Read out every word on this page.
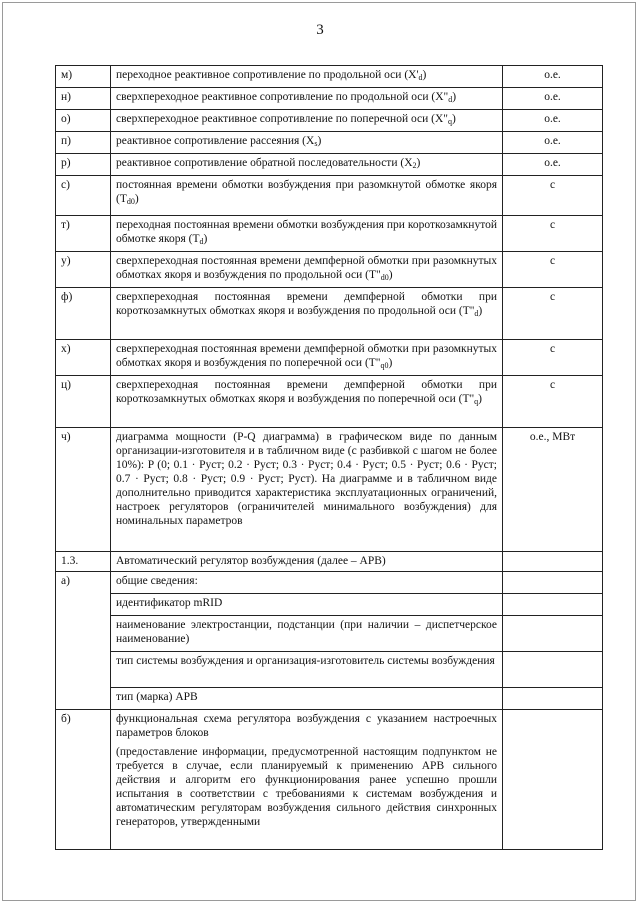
3
м)	переходное реактивное сопротивление по продольной оси $(X'_d)$	о.е.
н)	сверхпереходное реактивное сопротивление по продольной оси $(X"_d)$	о.е.
о)	сверхпереходное реактивное сопротивление по поперечной оси $(X"_q)$	о.е.
п)	реактивное сопротивление рассеяния $(X_s)$	о.е.
р)	реактивное сопротивление обратной последовательности $(X_2)$	о.е.
с)	постоянная времени обмотки возбуждения при разомкнутой обмотке якоря $(T_{d0})$	с
т)	переходная постоянная времени обмотки возбуждения при короткозамкнутой обмотке якоря $(T_d)$	с
у)	сверхпереходная постоянная времени демпферной обмотки при разомкнутых обмотках якоря и возбуждения по продольной оси $(T"_{d0})$	с
ф)	сверхпереходная постоянная времени демпферной обмотки при короткозамкнутых обмотках якоря и возбуждения по продольной оси $(T"_d)$	с
х)	сверхпереходная постоянная времени демпферной обмотки при разомкнутых обмотках якоря и возбуждения по поперечной оси $(T"_{q0})$	с
ц)	сверхпереходная постоянная времени демпферной обмотки при короткозамкнутых обмотках якоря и возбуждения по поперечной оси $(T"_q)$	с
ч)	диаграмма мощности (P-Q диаграмма) в графическом виде по данным организации-изготовителя и в табличном виде (с разбивкой с шагом не более 10%): P (0; 0.1 · Pуст; 0.2 · Pуст; 0.3 · Pуст; 0.4 · Pуст; 0.5 · Pуст; 0.6 · Pуст; 0.7 · Pуст; 0.8 · Pуст; 0.9 · Pуст; Pуст). На диаграмме и в табличном виде дополнительно приводится характеристика эксплуатационных ограничений, настроек регуляторов (ограничителей минимального возбуждения) для номинальных параметров	о.е., МВт
1.3.	Автоматический регулятор возбуждения (далее – АРВ)	
а)	общие сведения:	
	идентификатор mRID	
	наименование электростанции, подстанции (при наличии – диспетчерское наименование)	
	тип системы возбуждения и организация-изготовитель системы возбуждения	
	тип (марка) АРВ	
б)	функциональная схема регулятора возбуждения с указанием настроечных параметров блоков
(предоставление информации, предусмотренной настоящим подпунктом не требуется в случае, если планируемый к применению АРВ сильного действия и алгоритм его функционирования ранее успешно прошли испытания в соответствии с требованиями к системам возбуждения и автоматическим регуляторам возбуждения сильного действия синхронных генераторов, утвержденными	
